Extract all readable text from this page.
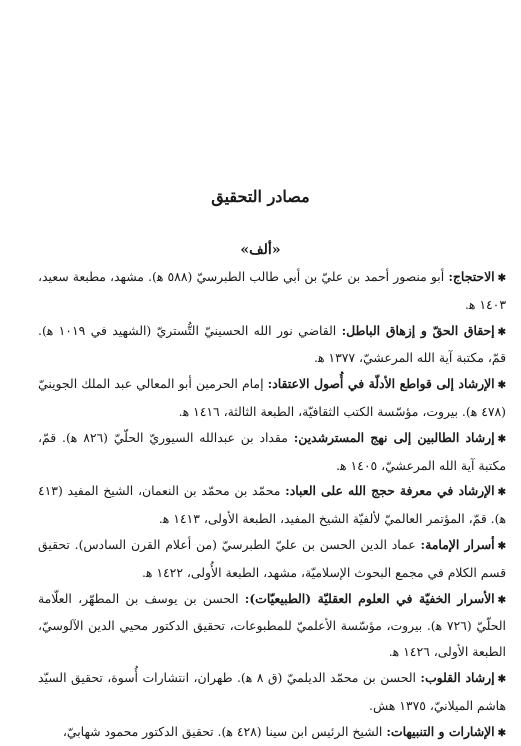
مصادر التحقيق
«ألف»
✱الاحتجاج: أبو منصور أحمد بن عليّ بن أبي طالب الطبرسيّ (٥٨٨ ه‍). مشهد، مطبعة سعيد، ١٤٠٣ ه‍.
✱إحقاق الحقّ و إزهاق الباطل: القاضي نور الله الحسينيّ التُّستريّ (الشهيد في ١٠١٩ ه‍). قمّ، مكتبة آية الله المرعشيّ، ١٣٧٧ ه‍.
✱الإرشاد إلى قواطع الأدلّة في أُصول الاعتقاد: إمام الحرمين أبو المعالي عبد الملك الجوينيّ (٤٧٨ ه‍). بيروت، مؤسّسة الكتب الثقافيّة، الطبعة الثالثة، ١٤١٦ ه‍.
✱إرشاد الطالبين إلى نهج المسترشدين: مقداد بن عبدالله السيوريّ الحلّيّ (٨٢٦ ه‍). قمّ، مكتبة آية الله المرعشيّ، ١٤٠٥ ه‍.
✱الإرشاد في معرفة حجج الله على العباد: محمّد بن محمّد بن النعمان، الشيخ المفيد (٤١٣ ه‍). قمّ، المؤتمر العالميّ لألفيّة الشيخ المفيد، الطبعة الأولى، ١٤١٣ ه‍.
✱أسرار الإمامة: عماد الدين الحسن بن عليّ الطبرسيّ (من أعلام القرن السادس). تحقيق قسم الكلام في مجمع البحوث الإسلاميّة، مشهد، الطبعة الأُولى، ١٤٢٢ ه‍.
✱الأسرار الخفيّة في العلوم العقليّة (الطبيعيّات): الحسن بن يوسف بن المطهّر، العلّامة الحلّيّ (٧٢٦ ه‍). بيروت، مؤسّسة الأعلميّ للمطبوعات، تحقيق الدكتور محيي الدين الآلوسيّ، الطبعة الأولى، ١٤٢٦ ه‍.
✱إرشاد القلوب: الحسن بن محمّد الديلميّ (ق ٨ ه‍). طهران، انتشارات أُسوة، تحقيق السيّد هاشم الميلانيّ، ١٣٧٥ ه‍ش.
✱الإشارات و التنبيهات: الشيخ الرئيس ابن سينا (٤٢٨ ه‍). تحقيق الدكتور محمود شهابيّ،
